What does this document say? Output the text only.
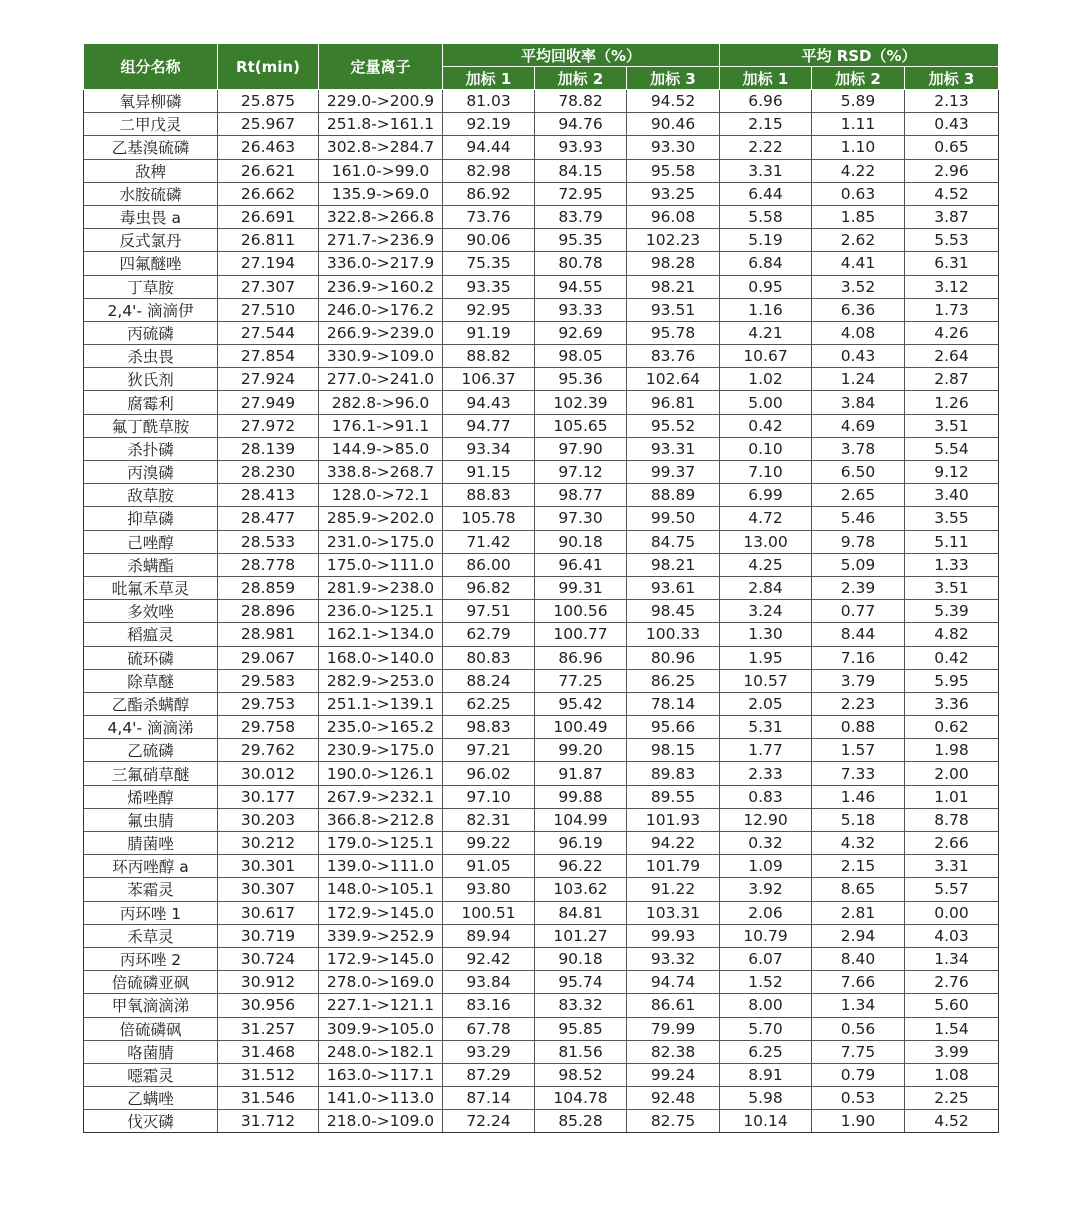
组分名称	Rt(min)	定量离子	平均回收率（%）			平均 RSD（%）		
			加标 1	加标 2	加标 3	加标 1	加标 2	加标 3
氧异柳磷	25.875	229.0->200.9	81.03	78.82	94.52	6.96	5.89	2.13
二甲戊灵	25.967	251.8->161.1	92.19	94.76	90.46	2.15	1.11	0.43
乙基溴硫磷	26.463	302.8->284.7	94.44	93.93	93.30	2.22	1.10	0.65
敌稗	26.621	161.0->99.0	82.98	84.15	95.58	3.31	4.22	2.96
水胺硫磷	26.662	135.9->69.0	86.92	72.95	93.25	6.44	0.63	4.52
毒虫畏 a	26.691	322.8->266.8	73.76	83.79	96.08	5.58	1.85	3.87
反式氯丹	26.811	271.7->236.9	90.06	95.35	102.23	5.19	2.62	5.53
四氟醚唑	27.194	336.0->217.9	75.35	80.78	98.28	6.84	4.41	6.31
丁草胺	27.307	236.9->160.2	93.35	94.55	98.21	0.95	3.52	3.12
2,4'- 滴滴伊	27.510	246.0->176.2	92.95	93.33	93.51	1.16	6.36	1.73
丙硫磷	27.544	266.9->239.0	91.19	92.69	95.78	4.21	4.08	4.26
杀虫畏	27.854	330.9->109.0	88.82	98.05	83.76	10.67	0.43	2.64
狄氏剂	27.924	277.0->241.0	106.37	95.36	102.64	1.02	1.24	2.87
腐霉利	27.949	282.8->96.0	94.43	102.39	96.81	5.00	3.84	1.26
氟丁酰草胺	27.972	176.1->91.1	94.77	105.65	95.52	0.42	4.69	3.51
杀扑磷	28.139	144.9->85.0	93.34	97.90	93.31	0.10	3.78	5.54
丙溴磷	28.230	338.8->268.7	91.15	97.12	99.37	7.10	6.50	9.12
敌草胺	28.413	128.0->72.1	88.83	98.77	88.89	6.99	2.65	3.40
抑草磷	28.477	285.9->202.0	105.78	97.30	99.50	4.72	5.46	3.55
己唑醇	28.533	231.0->175.0	71.42	90.18	84.75	13.00	9.78	5.11
杀螨酯	28.778	175.0->111.0	86.00	96.41	98.21	4.25	5.09	1.33
吡氟禾草灵	28.859	281.9->238.0	96.82	99.31	93.61	2.84	2.39	3.51
多效唑	28.896	236.0->125.1	97.51	100.56	98.45	3.24	0.77	5.39
稻瘟灵	28.981	162.1->134.0	62.79	100.77	100.33	1.30	8.44	4.82
硫环磷	29.067	168.0->140.0	80.83	86.96	80.96	1.95	7.16	0.42
除草醚	29.583	282.9->253.0	88.24	77.25	86.25	10.57	3.79	5.95
乙酯杀螨醇	29.753	251.1->139.1	62.25	95.42	78.14	2.05	2.23	3.36
4,4'- 滴滴涕	29.758	235.0->165.2	98.83	100.49	95.66	5.31	0.88	0.62
乙硫磷	29.762	230.9->175.0	97.21	99.20	98.15	1.77	1.57	1.98
三氟硝草醚	30.012	190.0->126.1	96.02	91.87	89.83	2.33	7.33	2.00
烯唑醇	30.177	267.9->232.1	97.10	99.88	89.55	0.83	1.46	1.01
氟虫腈	30.203	366.8->212.8	82.31	104.99	101.93	12.90	5.18	8.78
腈菌唑	30.212	179.0->125.1	99.22	96.19	94.22	0.32	4.32	2.66
环丙唑醇 a	30.301	139.0->111.0	91.05	96.22	101.79	1.09	2.15	3.31
苯霜灵	30.307	148.0->105.1	93.80	103.62	91.22	3.92	8.65	5.57
丙环唑 1	30.617	172.9->145.0	100.51	84.81	103.31	2.06	2.81	0.00
禾草灵	30.719	339.9->252.9	89.94	101.27	99.93	10.79	2.94	4.03
丙环唑 2	30.724	172.9->145.0	92.42	90.18	93.32	6.07	8.40	1.34
倍硫磷亚砜	30.912	278.0->169.0	93.84	95.74	94.74	1.52	7.66	2.76
甲氧滴滴涕	30.956	227.1->121.1	83.16	83.32	86.61	8.00	1.34	5.60
倍硫磷砜	31.257	309.9->105.0	67.78	95.85	79.99	5.70	0.56	1.54
咯菌腈	31.468	248.0->182.1	93.29	81.56	82.38	6.25	7.75	3.99
噁霜灵	31.512	163.0->117.1	87.29	98.52	99.24	8.91	0.79	1.08
乙螨唑	31.546	141.0->113.0	87.14	104.78	92.48	5.98	0.53	2.25
伐灭磷	31.712	218.0->109.0	72.24	85.28	82.75	10.14	1.90	4.52
